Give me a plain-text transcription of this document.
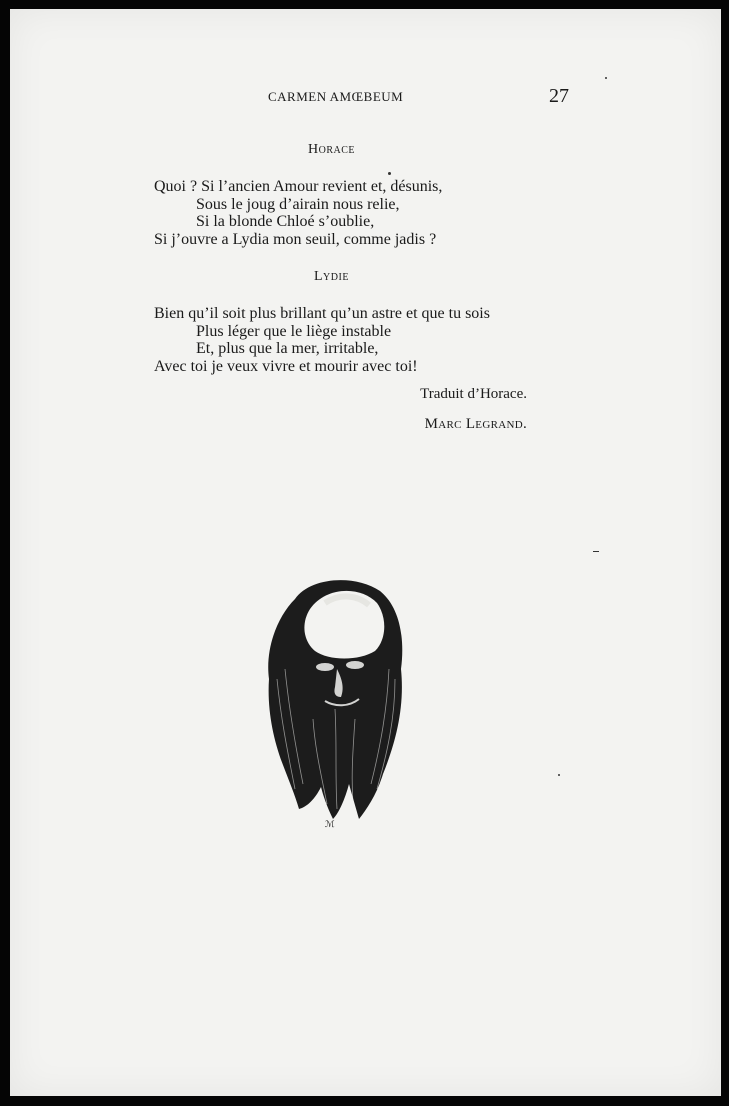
CARMEN AMŒBEUM	27
Horace
Quoi ? Si l’ancien Amour revient et, désunis,
Sous le joug d’airain nous relie,
Si la blonde Chloé s’oublie,
Si j’ouvre a Lydia mon seuil, comme jadis ?
Lydie
Bien qu’il soit plus brillant qu’un astre et que tu sois
Plus léger que le liège instable
Et, plus que la mer, irritable,
Avec toi je veux vivre et mourir avec toi!
Traduit d’Horace.
Marc Legrand.
ℳ
